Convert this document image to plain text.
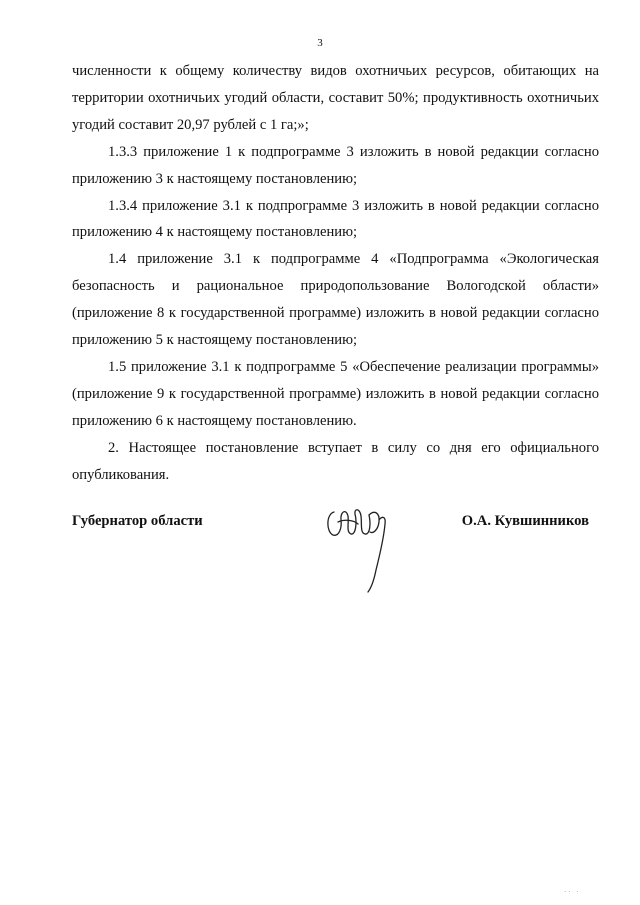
3

численности к общему количеству видов охотничьих ресурсов, обитающих на территории охотничьих угодий области, составит 50%; продуктивность охотничьих угодий составит 20,97 рублей с 1 га;»;

1.3.3 приложение 1 к подпрограмме 3 изложить в новой редакции согласно приложению 3 к настоящему постановлению;

1.3.4 приложение 3.1 к подпрограмме 3 изложить в новой редакции согласно приложению 4 к настоящему постановлению;

1.4 приложение 3.1 к подпрограмме 4 «Подпрограмма «Экологическая безопасность и рациональное природопользование Вологодской области» (приложение 8 к государственной программе) изложить в новой редакции согласно приложению 5 к настоящему постановлению;

1.5 приложение 3.1 к подпрограмме 5 «Обеспечение реализации программы» (приложение 9 к государственной программе) изложить в новой редакции согласно приложению 6 к настоящему постановлению.

2. Настоящее постановление вступает в силу со дня его официального опубликования.

Губернатор области	О.А. Кувшинников
·· ·
